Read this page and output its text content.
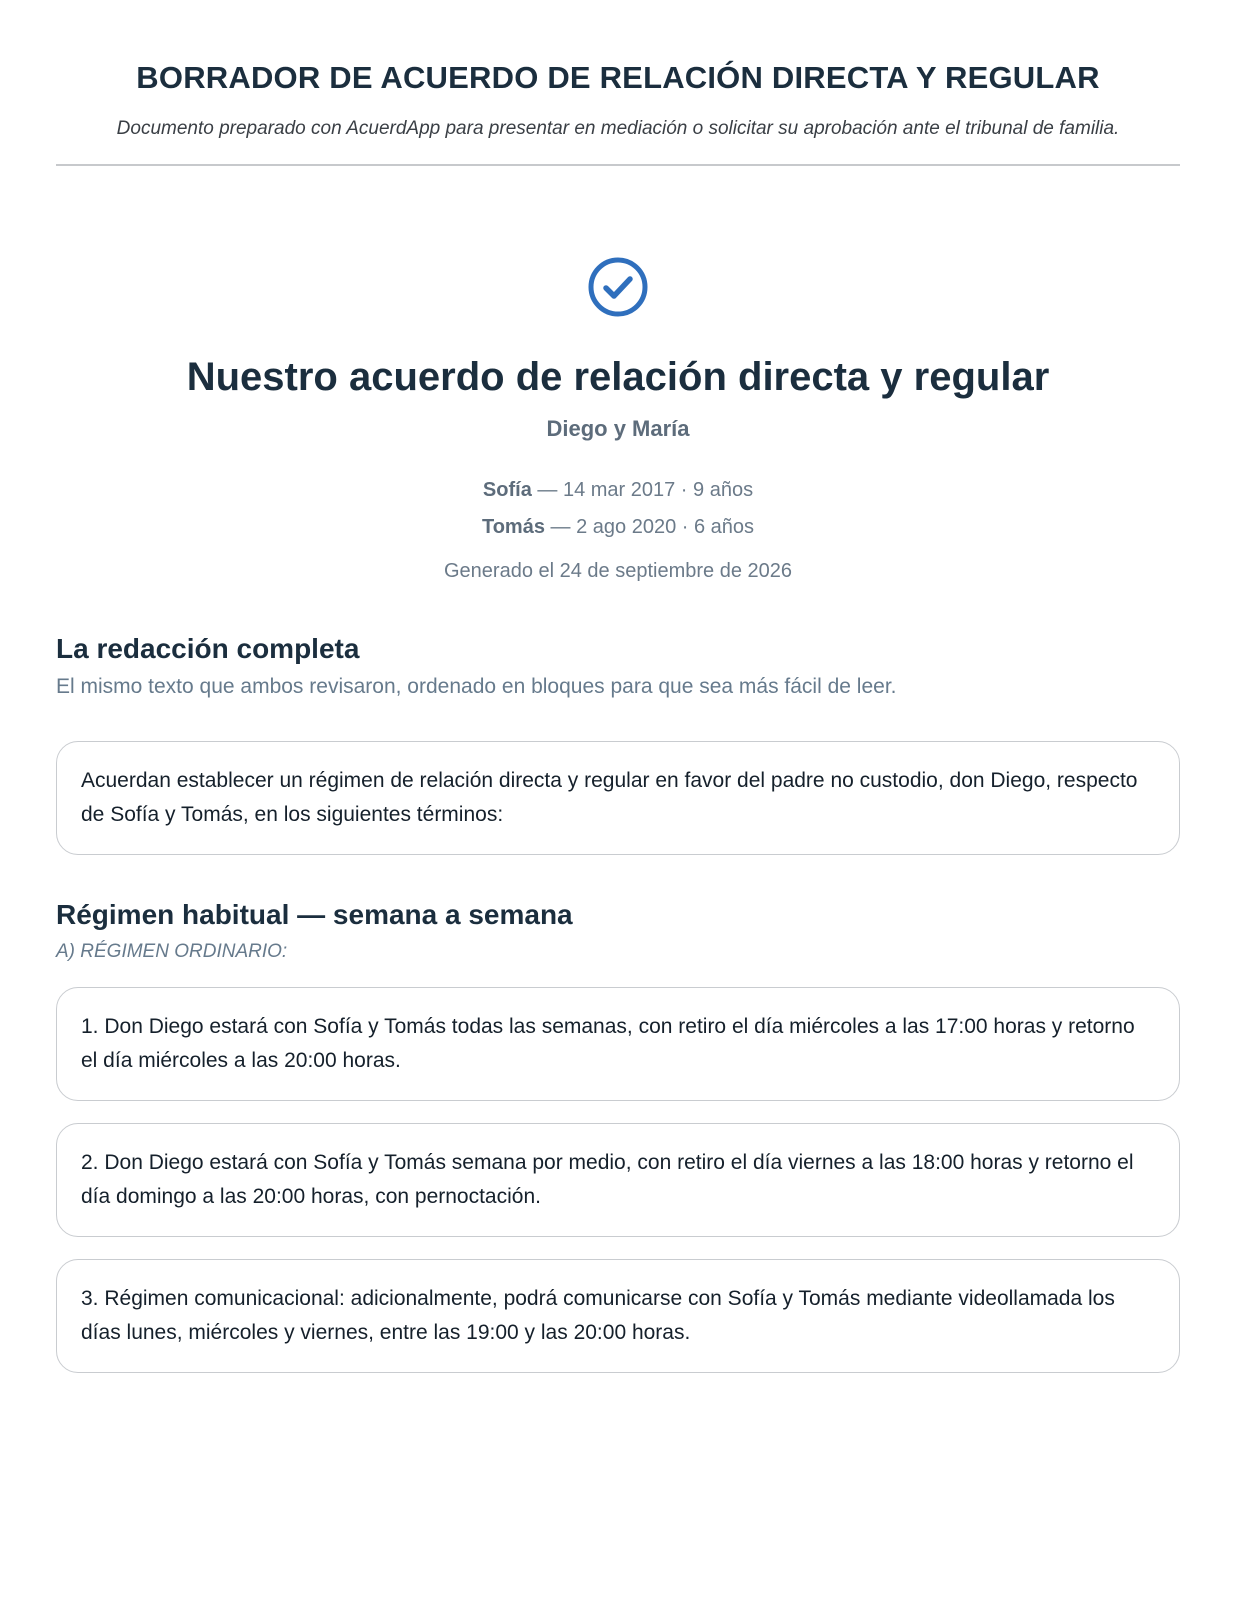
BORRADOR DE ACUERDO DE RELACIÓN DIRECTA Y REGULAR

Documento preparado con AcuerdApp para presentar en mediación o solicitar su aprobación ante el tribunal de familia.

Nuestro acuerdo de relación directa y regular
Diego y María
Sofía — 14 mar 2017 · 9 años
Tomás — 2 ago 2020 · 6 años
Generado el 24 de septiembre de 2026
La redacción completa

El mismo texto que ambos revisaron, ordenado en bloques para que sea más fácil de leer.

Acuerdan establecer un régimen de relación directa y regular en favor del padre no custodio, don Diego, respecto de Sofía y Tomás, en los siguientes términos:
Régimen habitual — semana a semana

A) RÉGIMEN ORDINARIO:

1. Don Diego estará con Sofía y Tomás todas las semanas, con retiro el día miércoles a las 17:00 horas y retorno el día miércoles a las 20:00 horas.
2. Don Diego estará con Sofía y Tomás semana por medio, con retiro el día viernes a las 18:00 horas y retorno el día domingo a las 20:00 horas, con pernoctación.
3. Régimen comunicacional: adicionalmente, podrá comunicarse con Sofía y Tomás mediante videollamada los días lunes, miércoles y viernes, entre las 19:00 y las 20:00 horas.
